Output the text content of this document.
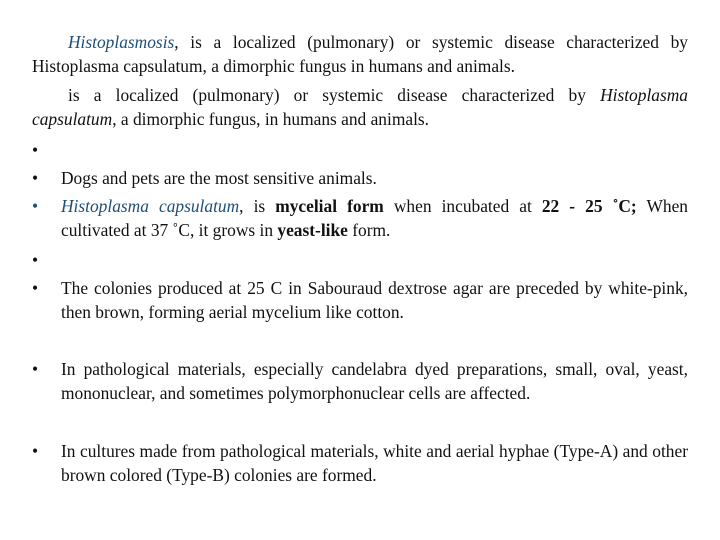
Histoplasmosis, is a localized (pulmonary) or systemic disease characterized by Histoplasma capsulatum, a dimorphic fungus in humans and animals.

is a localized (pulmonary) or systemic disease characterized by Histoplasma capsulatum, a dimorphic fungus, in humans and animals.

•
•	Dogs and pets are the most sensitive animals.
•	Histoplasma capsulatum, is mycelial form when incubated at 22 - 25 ˚C; When cultivated at 37 ˚C, it grows in yeast-like form.
•
•	The colonies produced at 25 C in Sabouraud dextrose agar are preceded by white-pink, then brown, forming aerial mycelium like cotton.
•	In pathological materials, especially candelabra dyed preparations, small, oval, yeast, mononuclear, and sometimes polymorphonuclear cells are affected.
•	In cultures made from pathological materials, white and aerial hyphae (Type-A) and other brown colored (Type-B) colonies are formed.
